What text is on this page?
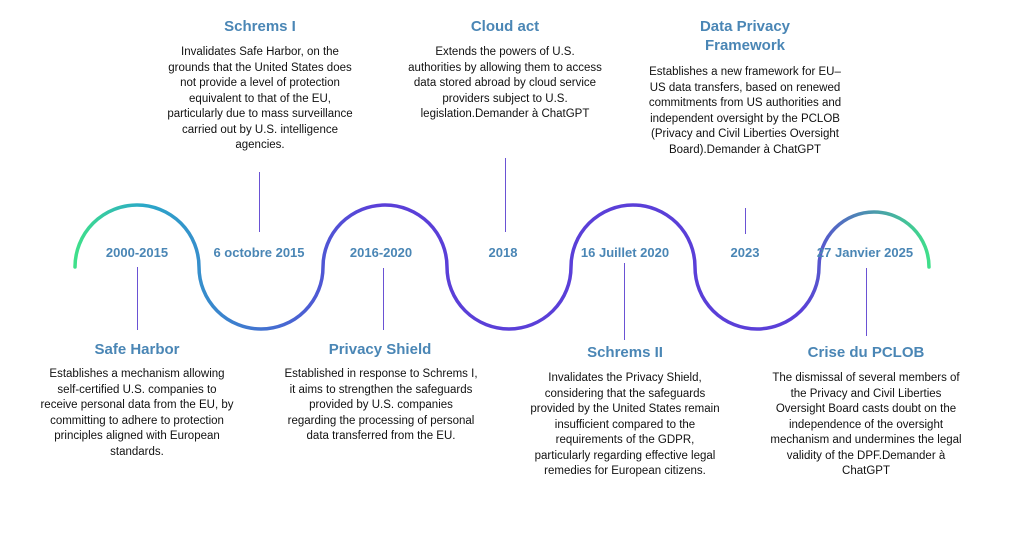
2000-2015	6 octobre 2015	2016-2020	2018	16 Juillet 2020	2023	27 Janvier 2025
Schrems I
Invalidates Safe Harbor, on the grounds that the United States does not provide a level of protection equivalent to that of the EU, particularly due to mass surveillance carried out by U.S. intelligence agencies.
Cloud act
Extends the powers of U.S. authorities by allowing them to access data stored abroad by cloud service providers subject to U.S. legislation.Demander à ChatGPT
Data Privacy Framework
Establishes a new framework for EU–US data transfers, based on renewed commitments from US authorities and independent oversight by the PCLOB (Privacy and Civil Liberties Oversight Board).Demander à ChatGPT
Safe Harbor
Establishes a mechanism allowing self-certified U.S. companies to receive personal data from the EU, by committing to adhere to protection principles aligned with European standards.
Privacy Shield
Established in response to Schrems I, it aims to strengthen the safeguards provided by U.S. companies regarding the processing of personal data transferred from the EU.
Schrems II
Invalidates the Privacy Shield, considering that the safeguards provided by the United States remain insufficient compared to the requirements of the GDPR, particularly regarding effective legal remedies for European citizens.
Crise du PCLOB
The dismissal of several members of the Privacy and Civil Liberties Oversight Board casts doubt on the independence of the oversight mechanism and undermines the legal validity of the DPF.Demander à ChatGPT
